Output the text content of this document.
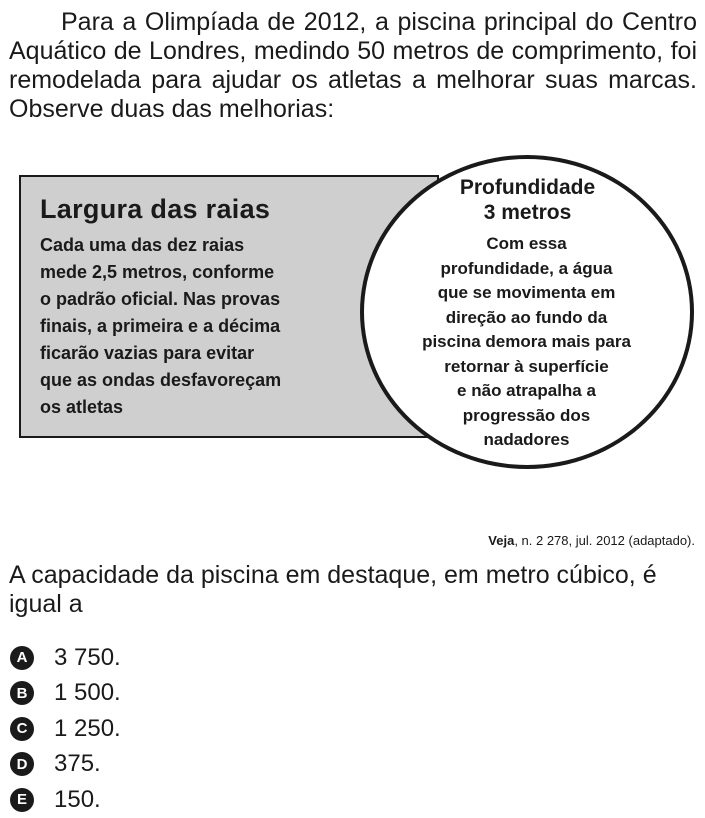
Para a Olimpíada de 2012, a piscina principal do Centro Aquático de Londres, medindo 50 metros de comprimento, foi remodelada para ajudar os atletas a melhorar suas marcas. Observe duas das melhorias:

Largura das raias
Cada uma das dez raias
mede 2,5 metros, conforme
o padrão oficial. Nas provas
finais, a primeira e a décima
ficarão vazias para evitar
que as ondas desfavoreçam
os atletas
Profundidade
3 metros
Com essa
profundidade, a água
que se movimenta em
direção ao fundo da
piscina demora mais para
retornar à superfície
e não atrapalha a
progressão dos
nadadores
Veja, n. 2 278, jul. 2012 (adaptado).

A capacidade da piscina em destaque, em metro cúbico, é igual a

A 3 750.
B 1 500.
C 1 250.
D 375.
E 150.
